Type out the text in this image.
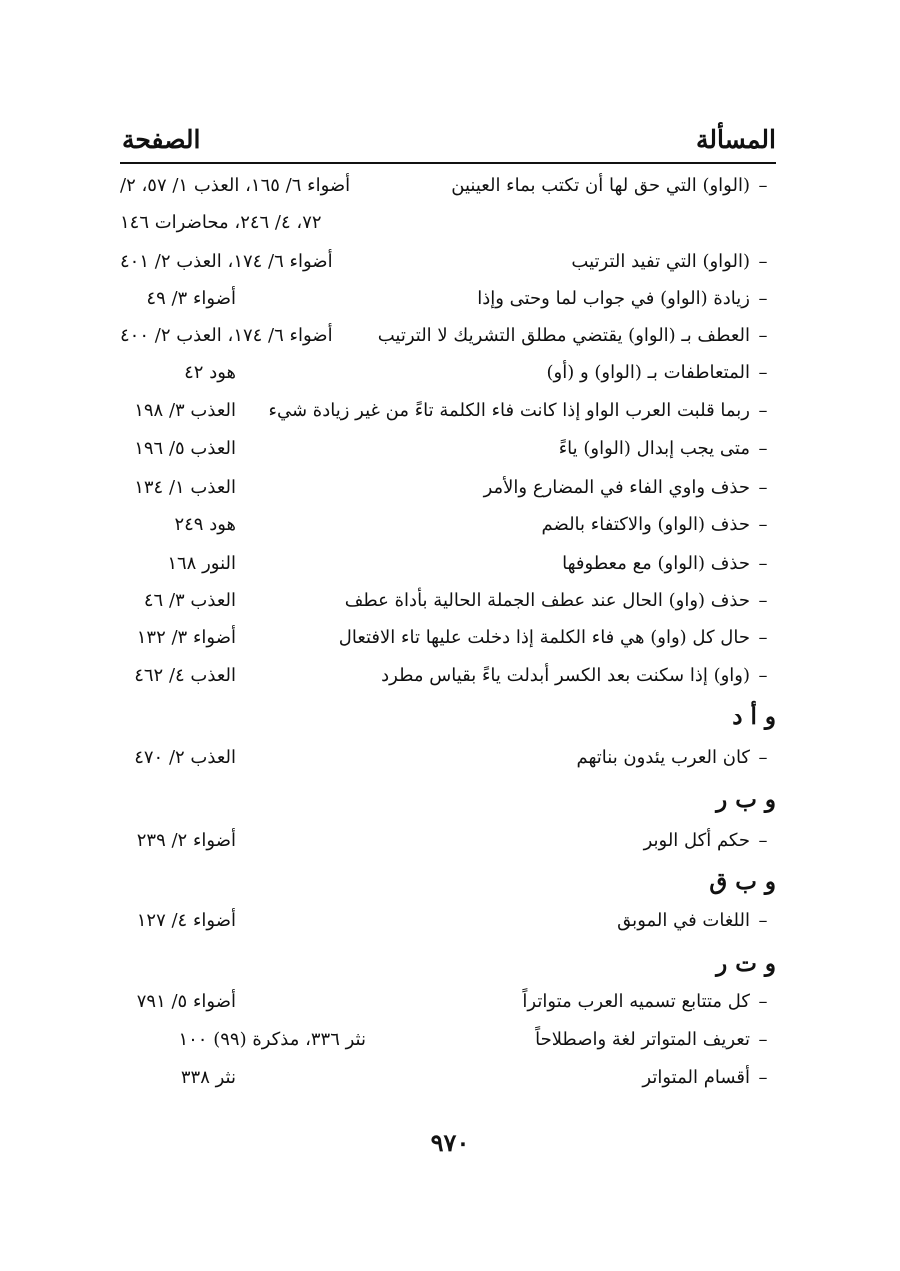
المسألة
الصفحة
–(الواو) التي حق لها أن تكتب بماء العينين
أضواء ٦/ ١٦٥، العذب ١/ ٥٧، ٢/
٧٢، ٤/ ٢٤٦، محاضرات ١٤٦
–(الواو) التي تفيد الترتيب
أضواء ٦/ ١٧٤، العذب ٢/ ٤٠١
–زيادة (الواو) في جواب لما وحتى وإذا
أضواء ٣/ ٤٩
–العطف بـ (الواو) يقتضي مطلق التشريك لا الترتيب
أضواء ٦/ ١٧٤، العذب ٢/ ٤٠٠
–المتعاطفات بـ (الواو) و (أو)
هود ٤٢
–ربما قلبت العرب الواو إذا كانت فاء الكلمة تاءً من غير زيادة شيء
العذب ٣/ ١٩٨
–متى يجب إبدال (الواو) ياءً
العذب ٥/ ١٩٦
–حذف واوي الفاء في المضارع والأمر
العذب ١/ ١٣٤
–حذف (الواو) والاكتفاء بالضم
هود ٢٤٩
–حذف (الواو) مع معطوفها
النور ١٦٨
–حذف (واو) الحال عند عطف الجملة الحالية بأداة عطف
العذب ٣/ ٤٦
–حال كل (واو) هي فاء الكلمة إذا دخلت عليها تاء الافتعال
أضواء ٣/ ١٣٢
–(واو) إذا سكنت بعد الكسر أبدلت ياءً بقياس مطرد
العذب ٤/ ٤٦٢
و أ د
–كان العرب يئدون بناتهم
العذب ٢/ ٤٧٠
و ب ر
–حكم أكل الوبر
أضواء ٢/ ٢٣٩
و ب ق
–اللغات في الموبق
أضواء ٤/ ١٢٧
و ت ر
–كل متتابع تسميه العرب متواتراً
أضواء ٥/ ٧٩١
–تعريف المتواتر لغة واصطلاحاً
نثر ٣٣٦، مذكرة (٩٩) ١٠٠
–أقسام المتواتر
نثر ٣٣٨
٩٧٠
